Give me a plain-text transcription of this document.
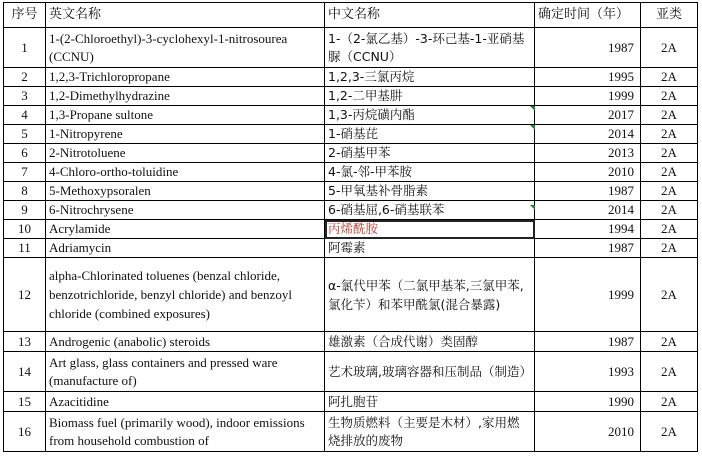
序号	英文名称	中文名称	确定时间（年）	亚类
1	1-(2-Chloroethyl)-3-cyclohexyl-1-nitrosourea (CCNU)	1-（2-氯乙基）-3-环己基-1-亚硝基脲（CCNU）	1987	2A
2	1,2,3-Trichloropropane	1,2,3-三氯丙烷	1995	2A
3	1,2-Dimethylhydrazine	1,2-二甲基肼	1999	2A
4	1,3-Propane sultone	1,3-丙烷磺内酯	2017	2A
5	1-Nitropyrene	1-硝基芘	2014	2A
6	2-Nitrotoluene	2-硝基甲苯	2013	2A
7	4-Chloro-ortho-toluidine	4-氯-邻-甲苯胺	2010	2A
8	5-Methoxypsoralen	5-甲氧基补骨脂素	1987	2A
9	6-Nitrochrysene	6-硝基屈,6-硝基联苯	2014	2A
10	Acrylamide	丙烯酰胺	1994	2A
11	Adriamycin	阿霉素	1987	2A
12	alpha-Chlorinated toluenes (benzal chloride, benzotrichloride, benzyl chloride) and benzoyl chloride (combined exposures)	α-氯代甲苯（二氯甲基苯,三氯甲苯,氯化苄）和苯甲酰氯(混合暴露)	1999	2A
13	Androgenic (anabolic) steroids	雄激素（合成代谢）类固醇	1987	2A
14	Art glass, glass containers and pressed ware (manufacture of)	艺术玻璃,玻璃容器和压制品（制造）	1993	2A
15	Azacitidine	阿扎胞苷	1990	2A
16	Biomass fuel (primarily wood), indoor emissions from household combustion of	生物质燃料（主要是木材）,家用燃烧排放的废物	2010	2A
